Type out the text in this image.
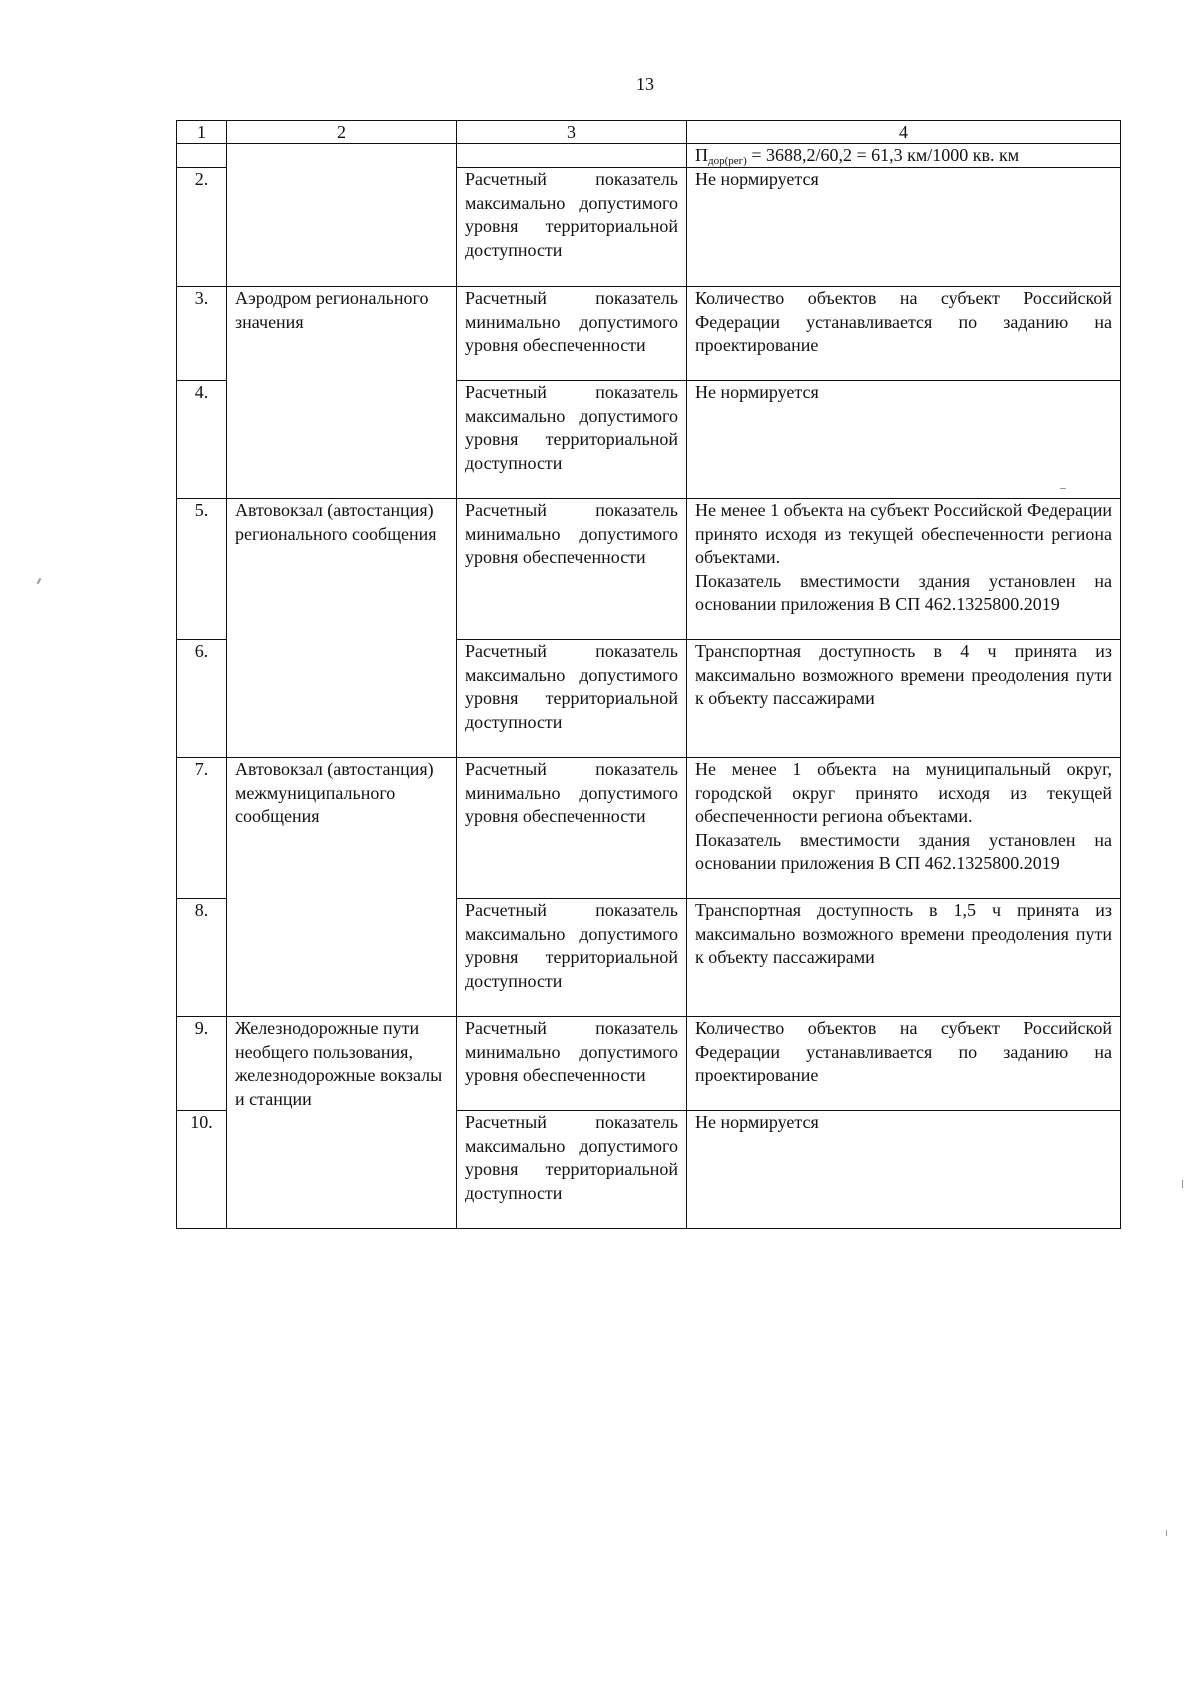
13
1	2	3	4
			$П_{дор(рег)} = 3688,2/60,2 = 61,3$ км/1000 кв. км
2.		Расчетный показатель максимально допустимого уровня территориальной доступности	Не нормируется
3.	Аэродром регионального значения	Расчетный показатель минимально допустимого уровня обеспеченности	Количество объектов на субъект Российской Федерации устанавливается по заданию на проектирование
4.		Расчетный показатель максимально допустимого уровня территориальной доступности	Не нормируется
5.	Автовокзал (автостанция) регионального сообщения	Расчетный показатель минимально допустимого уровня обеспеченности	Не менее 1 объекта на субъект Российской Федерации принято исходя из текущей обеспеченности региона объектами.
Показатель вместимости здания установлен на основании приложения В СП 462.1325800.2019

6.		Расчетный показатель максимально допустимого уровня территориальной доступности	Транспортная доступность в 4 ч принята из максимально возможного времени преодоления пути к объекту пассажирами
7.	Автовокзал (автостанция) межмуниципального сообщения	Расчетный показатель минимально допустимого уровня обеспеченности	Не менее 1 объекта на муниципальный округ, городской округ принято исходя из текущей обеспеченности региона объектами.
Показатель вместимости здания установлен на основании приложения В СП 462.1325800.2019

8.		Расчетный показатель максимально допустимого уровня территориальной доступности	Транспортная доступность в 1,5 ч принята из максимально возможного времени преодоления пути к объекту пассажирами
9.	Железнодорожные пути необщего пользования, железнодорожные вокзалы и станции	Расчетный показатель минимально допустимого уровня обеспеченности	Количество объектов на субъект Российской Федерации устанавливается по заданию на проектирование
10.		Расчетный показатель максимально допустимого уровня территориальной доступности	Не нормируется
